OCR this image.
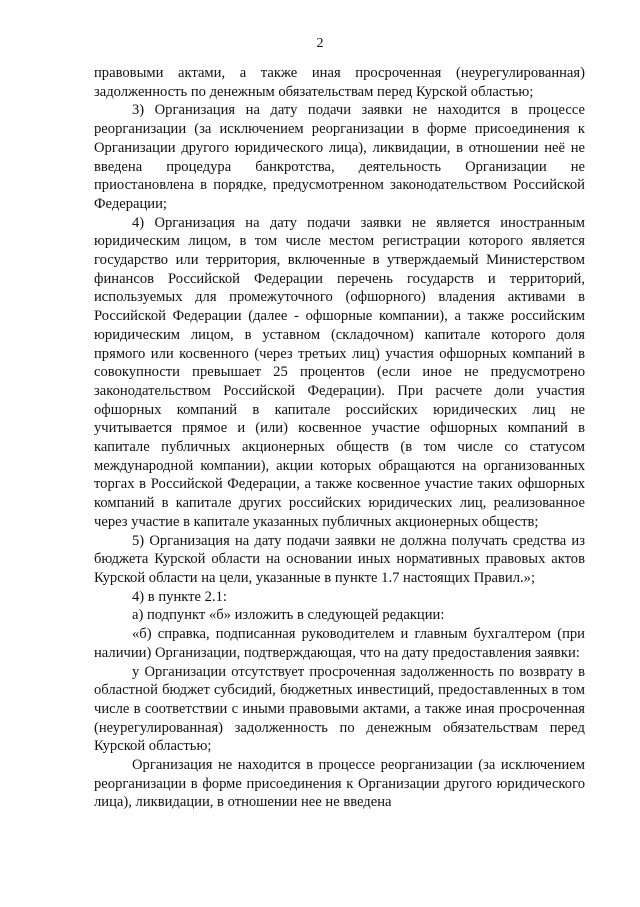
2

правовыми актами, а также иная просроченная (неурегулированная) задолженность по денежным обязательствам перед Курской областью;

3) Организация на дату подачи заявки не находится в процессе реорганизации (за исключением реорганизации в форме присоединения к Организации другого юридического лица), ликвидации, в отношении неё не введена процедура банкротства, деятельность Организации не приостановлена в порядке, предусмотренном законодательством Российской Федерации;

4) Организация на дату подачи заявки не является иностранным юридическим лицом, в том числе местом регистрации которого является государство или территория, включенные в утверждаемый Министерством финансов Российской Федерации перечень государств и территорий, используемых для промежуточного (офшорного) владения активами в Российской Федерации (далее - офшорные компании), а также российским юридическим лицом, в уставном (складочном) капитале которого доля прямого или косвенного (через третьих лиц) участия офшорных компаний в совокупности превышает 25 процентов (если иное не предусмотрено законодательством Российской Федерации). При расчете доли участия офшорных компаний в капитале российских юридических лиц не учитывается прямое и (или) косвенное участие офшорных компаний в капитале публичных акционерных обществ (в том числе со статусом международной компании), акции которых обращаются на организованных торгах в Российской Федерации, а также косвенное участие таких офшорных компаний в капитале других российских юридических лиц, реализованное через участие в капитале указанных публичных акционерных обществ;

5) Организация на дату подачи заявки не должна получать средства из бюджета Курской области на основании иных нормативных правовых актов Курской области на цели, указанные в пункте 1.7 настоящих Правил.»;

4) в пункте 2.1:

а) подпункт «б» изложить в следующей редакции:

«б) справка, подписанная руководителем и главным бухгалтером (при наличии) Организации, подтверждающая, что на дату предоставления заявки:

у Организации отсутствует просроченная задолженность по возврату в областной бюджет субсидий, бюджетных инвестиций, предоставленных в том числе в соответствии с иными правовыми актами, а также иная просроченная (неурегулированная) задолженность по денежным обязательствам перед Курской областью;

Организация не находится в процессе реорганизации (за исключением реорганизации в форме присоединения к Организации другого юридического лица), ликвидации, в отношении нее не введена
